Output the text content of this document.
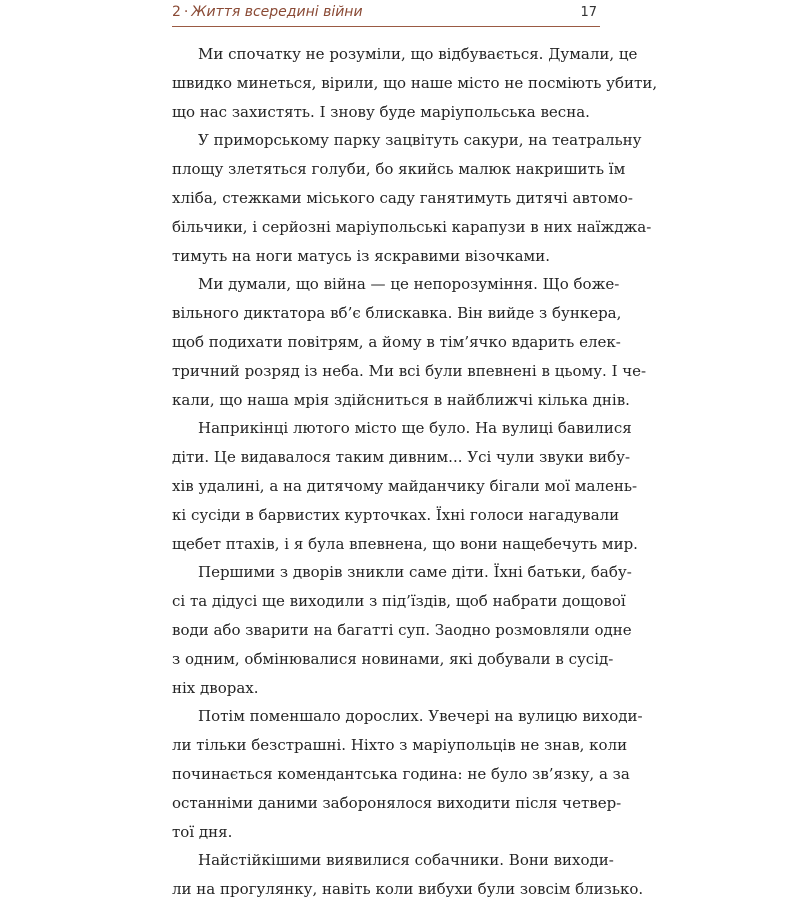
2 · Життя всередині війни	17
Ми спочатку не розуміли, що відбувається. Думали, це
швидко минеться, вірили, що наше місто не посміють убити,
що нас захистять. І знову буде маріупольська весна.
У приморському парку зацвітуть сакури, на театральну
площу злетяться голуби, бо якийсь малюк накришить їм
хліба, стежками міського саду ганятимуть дитячі автомо-
більчики, і серйозні маріупольські карапузи в них наїжджа-
тимуть на ноги матусь із яскравими візочками.
Ми думали, що війна — це непорозуміння. Що боже-
вільного диктатора вб’є блискавка. Він вийде з бункера,
щоб подихати повітрям, а йому в тім’ячко вдарить елек-
тричний розряд із неба. Ми всі були впевнені в цьому. І че-
кали, що наша мрія здійсниться в найближчі кілька днів.
Наприкінці лютого місто ще було. На вулиці бавилися
діти. Це видавалося таким дивним... Усі чули звуки вибу-
хів удалині, а на дитячому майданчику бігали мої малень-
кі сусіди в барвистих курточках. Їхні голоси нагадували
щебет птахів, і я була впевнена, що вони нащебечуть мир.
Першими з дворів зникли саме діти. Їхні батьки, бабу-
сі та дідусі ще виходили з під’їздів, щоб набрати дощової
води або зварити на багатті суп. Заодно розмовляли одне
з одним, обмінювалися новинами, які добували в сусід-
ніх дворах.
Потім поменшало дорослих. Увечері на вулицю виходи-
ли тільки безстрашні. Ніхто з маріупольців не знав, коли
починається комендантська година: не було зв’язку, а за
останніми даними заборонялося виходити після четвер-
тої дня.
Найстійкішими виявилися собачники. Вони виходи-
ли на прогулянку, навіть коли вибухи були зовсім близько.
